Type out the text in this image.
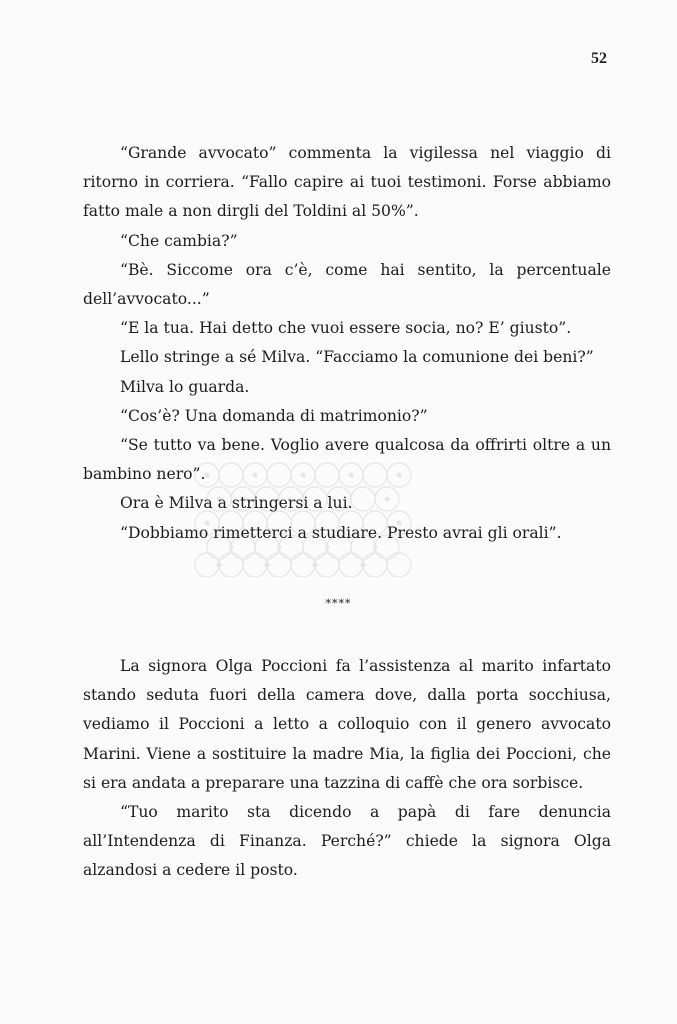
52

“Grande avvocato” commenta la vigilessa nel viaggio di ritorno in corriera. “Fallo capire ai tuoi testimoni. Forse abbiamo fatto male a non dirgli del Toldini al 50%”.

“Che cambia?”

“Bè. Siccome ora c’è, come hai sentito, la percentuale dell’avvocato...”

“E la tua. Hai detto che vuoi essere socia, no? E’ giusto”.

Lello stringe a sé Milva. “Facciamo la comunione dei beni?”

Milva lo guarda.

“Cos’è? Una domanda di matrimonio?”

“Se tutto va bene. Voglio avere qualcosa da offrirti oltre a un bambino nero”.

Ora è Milva a stringersi a lui.

“Dobbiamo rimetterci a studiare. Presto avrai gli orali”.

****

La signora Olga Poccioni fa l’assistenza al marito infartato stando seduta fuori della camera dove, dalla porta socchiusa, vediamo il Poccioni a letto a colloquio con il genero avvocato Marini. Viene a sostituire la madre Mia, la figlia dei Poccioni, che si era andata a preparare una tazzina di caffè che ora sorbisce.

“Tuo marito sta dicendo a papà di fare denuncia all’Intendenza di Finanza. Perché?” chiede la signora Olga alzandosi a cedere il posto.
